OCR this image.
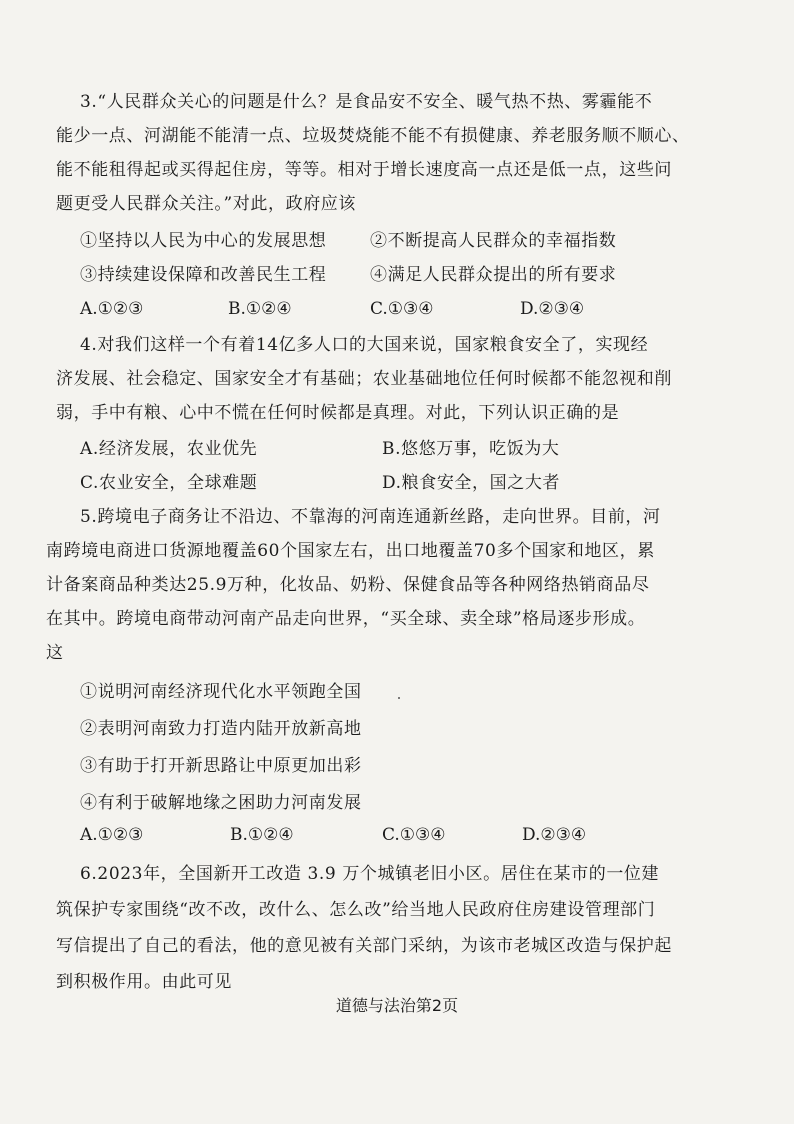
3.“人民群众关心的问题是什么？是食品安不安全、暖气热不热、雾霾能不
能少一点、河湖能不能清一点、垃圾焚烧能不能不有损健康、养老服务顺不顺心、
能不能租得起或买得起住房，等等。相对于增长速度高一点还是低一点，这些问
题更受人民群众关注。”对此，政府应该
①坚持以人民为中心的发展思想	②不断提高人民群众的幸福指数
③持续建设保障和改善民生工程	④满足人民群众提出的所有要求
A.①②③	B.①②④	C.①③④	D.②③④
4.对我们这样一个有着14亿多人口的大国来说，国家粮食安全了，实现经
济发展、社会稳定、国家安全才有基础；农业基础地位任何时候都不能忽视和削
弱，手中有粮、心中不慌在任何时候都是真理。对此，下列认识正确的是
A.经济发展，农业优先	B.悠悠万事，吃饭为大
C.农业安全，全球难题	D.粮食安全，国之大者
5.跨境电子商务让不沿边、不靠海的河南连通新丝路，走向世界。目前，河
南跨境电商进口货源地覆盖60个国家左右，出口地覆盖70多个国家和地区，累
计备案商品种类达25.9万种，化妆品、奶粉、保健食品等各种网络热销商品尽
在其中。跨境电商带动河南产品走向世界，“买全球、卖全球”格局逐步形成。
这
①说明河南经济现代化水平领跑全国
②表明河南致力打造内陆开放新高地
③有助于打开新思路让中原更加出彩
④有利于破解地缘之困助力河南发展
A.①②③	B.①②④	C.①③④	D.②③④
6.2023年，全国新开工改造 3.9 万个城镇老旧小区。居住在某市的一位建
筑保护专家围绕“改不改，改什么、怎么改”给当地人民政府住房建设管理部门
写信提出了自己的看法，他的意见被有关部门采纳，为该市老城区改造与保护起
到积极作用。由此可见
道德与法治第2页
